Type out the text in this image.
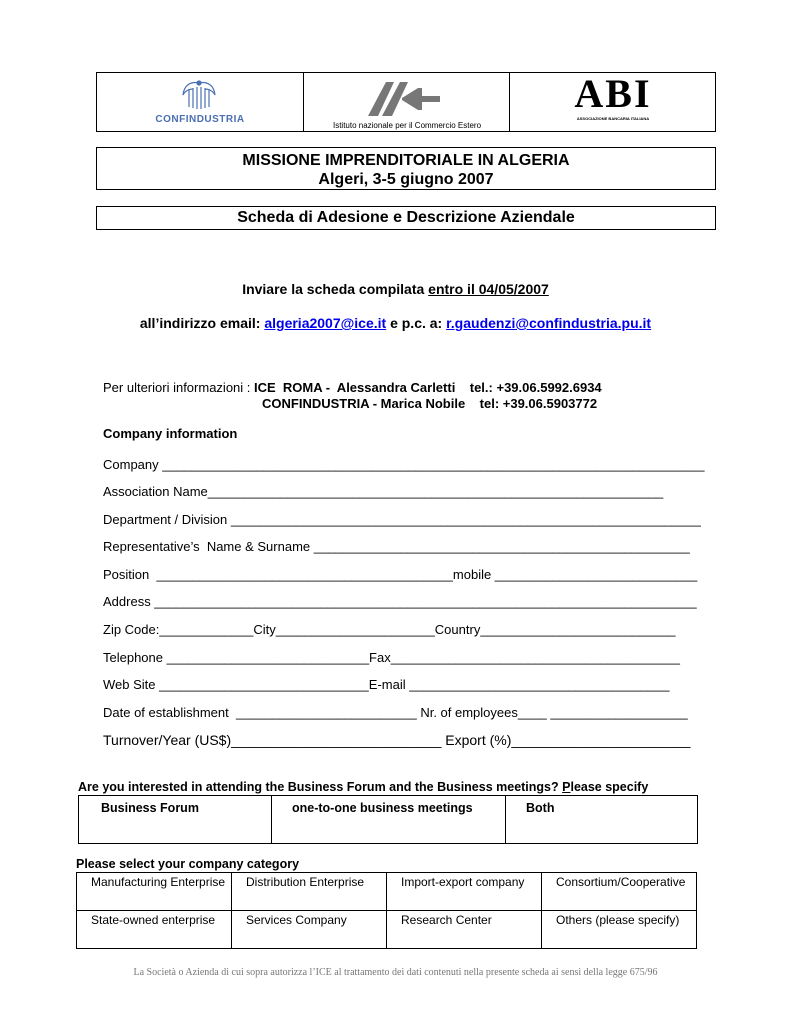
CONFINDUSTRIA
Istituto nazionale per il Commercio Estero
ABI
ASSOCIAZIONE BANCARIA ITALIANA
MISSIONE IMPRENDITORIALE IN ALGERIA
Algeri, 3-5 giugno 2007
Scheda di Adesione e Descrizione Aziendale
Inviare la scheda compilata entro il 04/05/2007
all’indirizzo email: algeria2007@ice.it e p.c. a: r.gaudenzi@confindustria.pu.it
Per ulteriori informazioni : ICE  ROMA -  Alessandra Carletti    tel.: +39.06.5992.6934
CONFINDUSTRIA - Marica Nobile    tel: +39.06.5903772
Company information
Company ___________________________________________________________________________
Association Name_______________________________________________________________
Department / Division _________________________________________________________________
Representative’s  Name & Surname ____________________________________________________
Position  _________________________________________mobile ____________________________
Address ___________________________________________________________________________
Zip Code:_____________City______________________Country___________________________
Telephone ____________________________Fax________________________________________
Web Site _____________________________E-mail ____________________________________
Date of establishment  _________________________ Nr. of employees____ ___________________
Turnover/Year (US$)___________________________ Export (%)_______________________
Are you interested in attending the Business Forum and the Business meetings? Please specify
Business Forum	one-to-one business meetings	Both
Please select your company category
Manufacturing Enterprise	Distribution Enterprise	Import-export company	Consortium/Cooperative
State-owned enterprise	Services Company	Research Center	Others (please specify)
La Società o Azienda di cui sopra autorizza l’ICE al trattamento dei dati contenuti nella presente scheda ai sensi della legge 675/96
